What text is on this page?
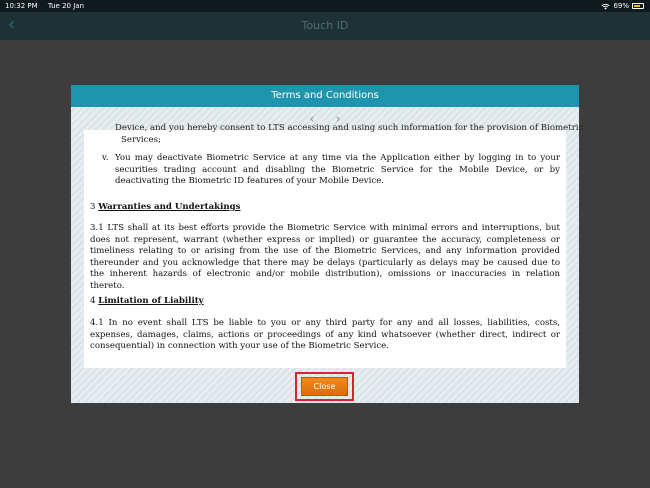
10:32 PM Tue 20 Jan	69%
‹	Touch ID
Terms and Conditions
‹ ›
Device, and you hereby consent to LTS accessing and using such information for the provision of Biometric
Services;
v. You may deactivate Biometric Service at any time via the Application either by logging in to your securities trading account and disabling the Biometric Service for the Mobile Device, or by deactivating the Biometric ID features of your Mobile Device.
3 Warranties and Undertakings
3.1 LTS shall at its best efforts provide the Biometric Service with minimal errors and interruptions, but does not represent, warrant (whether express or implied) or guarantee the accuracy, completeness or timeliness relating to or arising from the use of the Biometric Services, and any information provided thereunder and you acknowledge that there may be delays (particularly as delays may be caused due to the inherent hazards of electronic and/or mobile distribution), omissions or inaccuracies in relation thereto.
4 Limitation of Liability
4.1 In no event shall LTS be liable to you or any third party for any and all losses, liabilities, costs, expenses, damages, claims, actions or proceedings of any kind whatsoever (whether direct, indirect or consequential) in connection with your use of the Biometric Service.
Close
